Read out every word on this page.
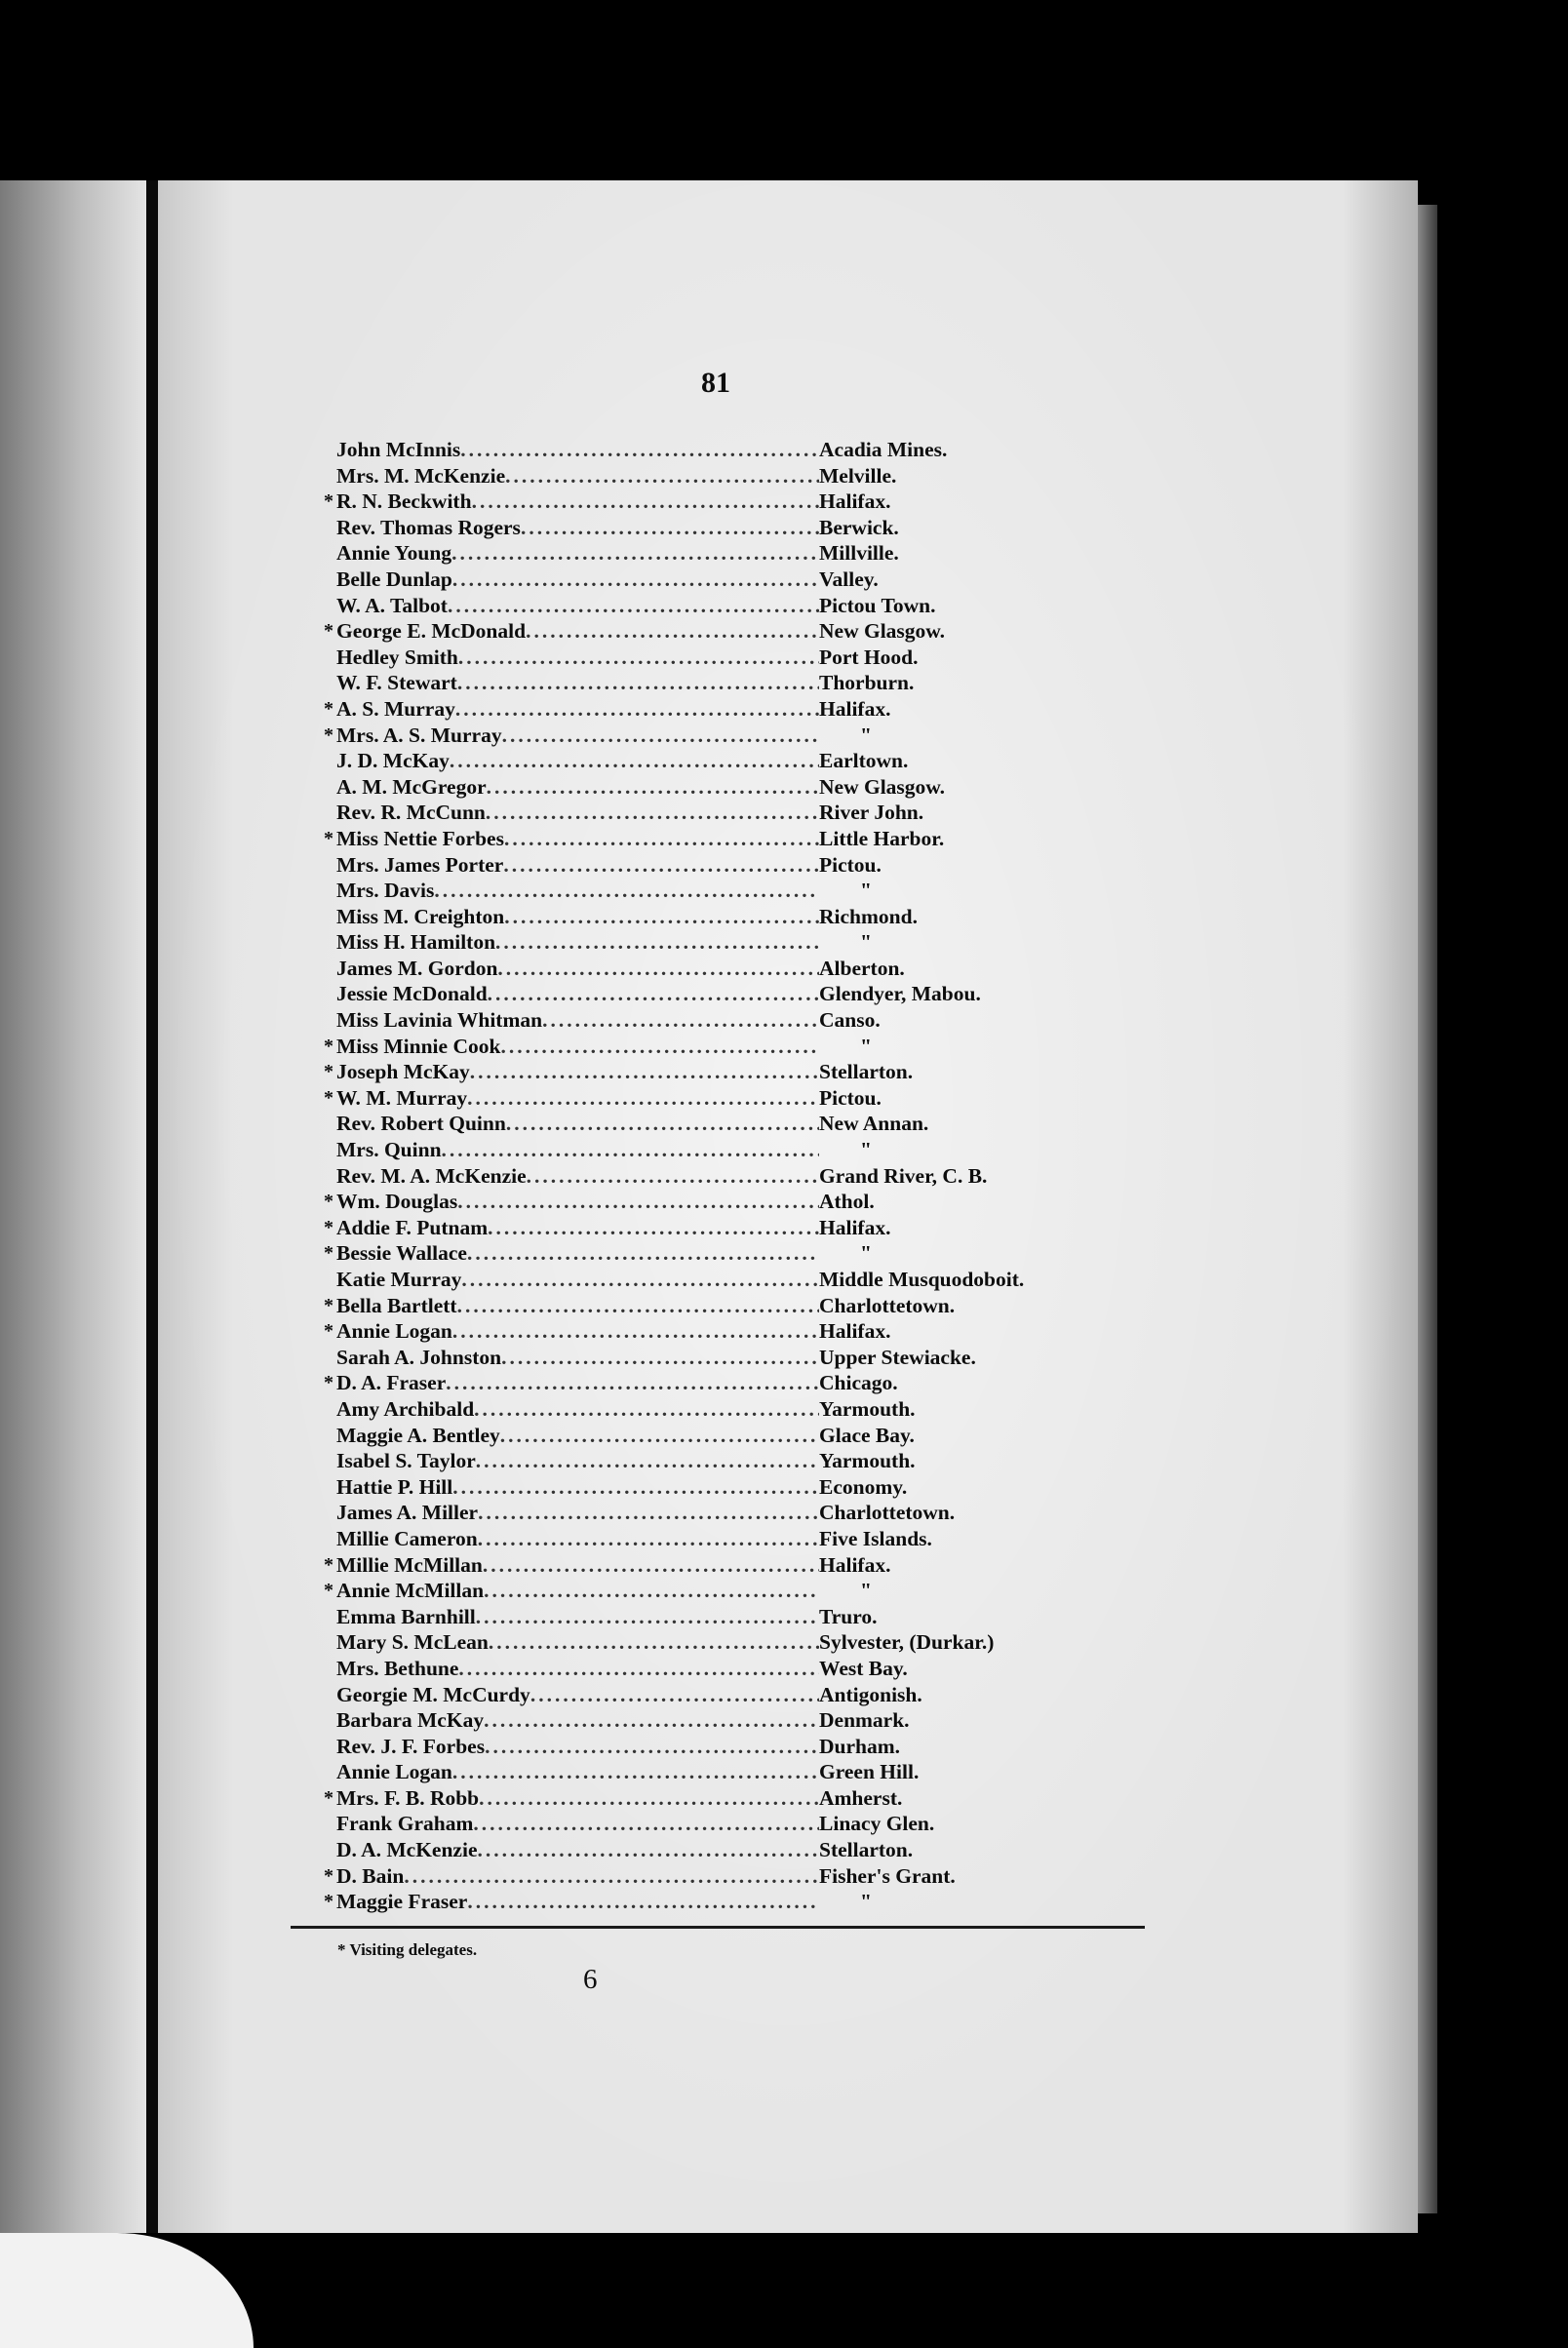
81
John McInnis .....	Acadia Mines.
Mrs. M. McKenzie .....	Melville.
* R. N. Beckwith .....	Halifax.
Rev. Thomas Rogers .....	Berwick.
Annie Young .....	Millville.
Belle Dunlap .....	Valley.
W. A. Talbot .....	Pictou Town.
* George E. McDonald .....	New Glasgow.
Hedley Smith .....	Port Hood.
W. F. Stewart .....	Thorburn.
* A. S. Murray .....	Halifax.
* Mrs. A. S. Murray .....	"
J. D. McKay .....	Earltown.
A. M. McGregor .....	New Glasgow.
Rev. R. McCunn .....	River John.
* Miss Nettie Forbes .....	Little Harbor.
Mrs. James Porter .....	Pictou.
Mrs. Davis .....	"
Miss M. Creighton .....	Richmond.
Miss H. Hamilton .....	"
James M. Gordon .....	Alberton.
Jessie McDonald .....	Glendyer, Mabou.
Miss Lavinia Whitman .....	Canso.
* Miss Minnie Cook .....	"
* Joseph McKay .....	Stellarton.
* W. M. Murray .....	Pictou.
Rev. Robert Quinn .....	New Annan.
Mrs. Quinn .....	"
Rev. M. A. McKenzie .....	Grand River, C. B.
* Wm. Douglas .....	Athol.
* Addie F. Putnam .....	Halifax.
* Bessie Wallace .....	"
Katie Murray .....	Middle Musquodoboit.
* Bella Bartlett .....	Charlottetown.
* Annie Logan .....	Halifax.
Sarah A. Johnston .....	Upper Stewiacke.
* D. A. Fraser .....	Chicago.
Amy Archibald .....	Yarmouth.
Maggie A. Bentley .....	Glace Bay.
Isabel S. Taylor .....	Yarmouth.
Hattie P. Hill .....	Economy.
James A. Miller .....	Charlottetown.
Millie Cameron .....	Five Islands.
* Millie McMillan .....	Halifax.
* Annie McMillan .....	"
Emma Barnhill .....	Truro.
Mary S. McLean .....	Sylvester, (Durkar.)
Mrs. Bethune .....	West Bay.
Georgie M. McCurdy .....	Antigonish.
Barbara McKay .....	Denmark.
Rev. J. F. Forbes .....	Durham.
Annie Logan .....	Green Hill.
* Mrs. F. B. Robb .....	Amherst.
Frank Graham .....	Linacy Glen.
D. A. McKenzie .....	Stellarton.
* D. Bain .....	Fisher's Grant.
* Maggie Fraser .....	"
* Visiting delegates.
6
